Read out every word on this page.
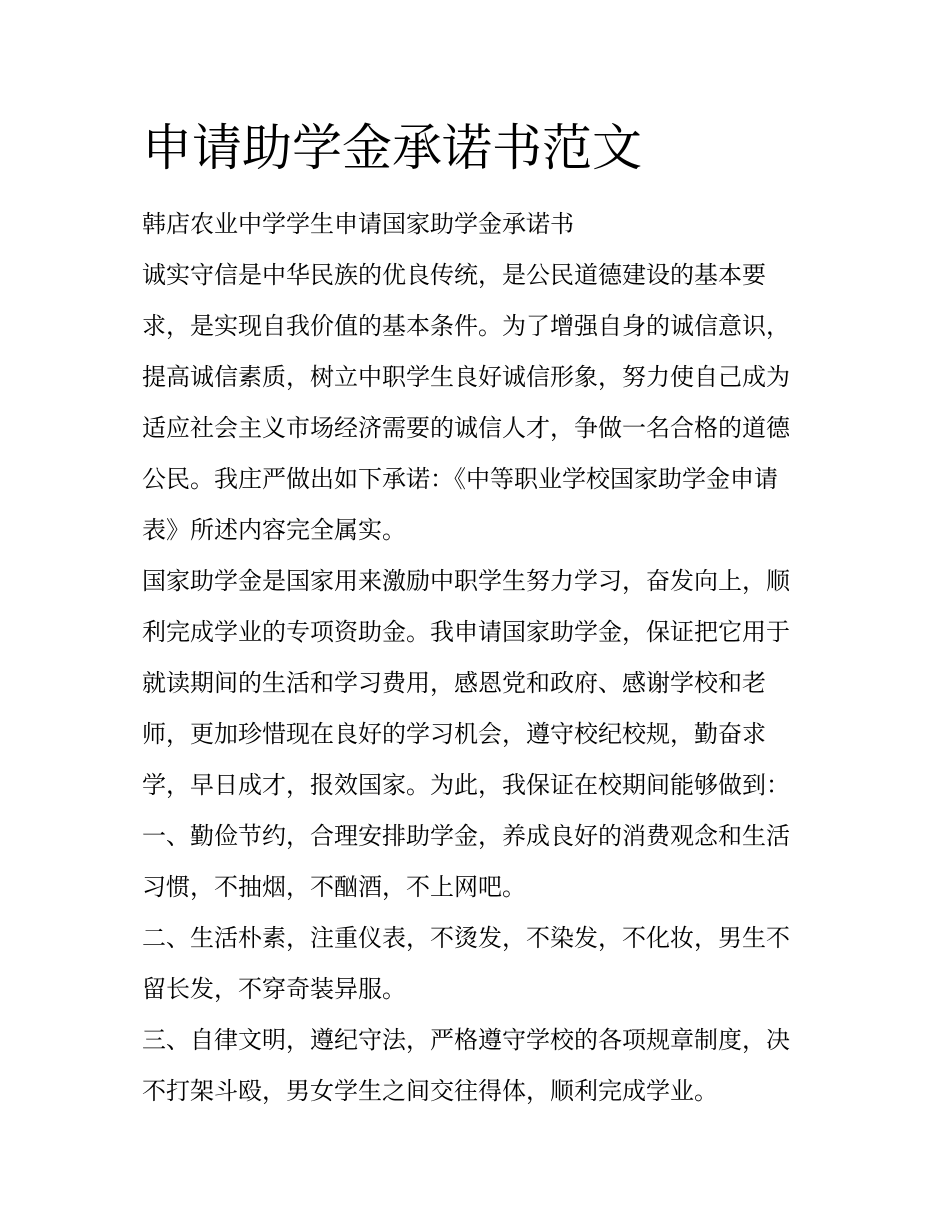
申请助学金承诺书范文
韩店农业中学学生申请国家助学金承诺书
诚实守信是中华民族的优良传统，是公民道德建设的基本要
求，是实现自我价值的基本条件。为了增强自身的诚信意识，
提高诚信素质，树立中职学生良好诚信形象，努力使自己成为
适应社会主义市场经济需要的诚信人才，争做一名合格的道德
公民。我庄严做出如下承诺：《中等职业学校国家助学金申请
表》所述内容完全属实。
国家助学金是国家用来激励中职学生努力学习，奋发向上，顺
利完成学业的专项资助金。我申请国家助学金，保证把它用于
就读期间的生活和学习费用，感恩党和政府、感谢学校和老
师，更加珍惜现在良好的学习机会，遵守校纪校规，勤奋求
学，早日成才，报效国家。为此，我保证在校期间能够做到：
一、勤俭节约，合理安排助学金，养成良好的消费观念和生活
习惯，不抽烟，不酗酒，不上网吧。
二、生活朴素，注重仪表，不烫发，不染发，不化妆，男生不
留长发，不穿奇装异服。
三、自律文明，遵纪守法，严格遵守学校的各项规章制度，决
不打架斗殴，男女学生之间交往得体，顺利完成学业。
